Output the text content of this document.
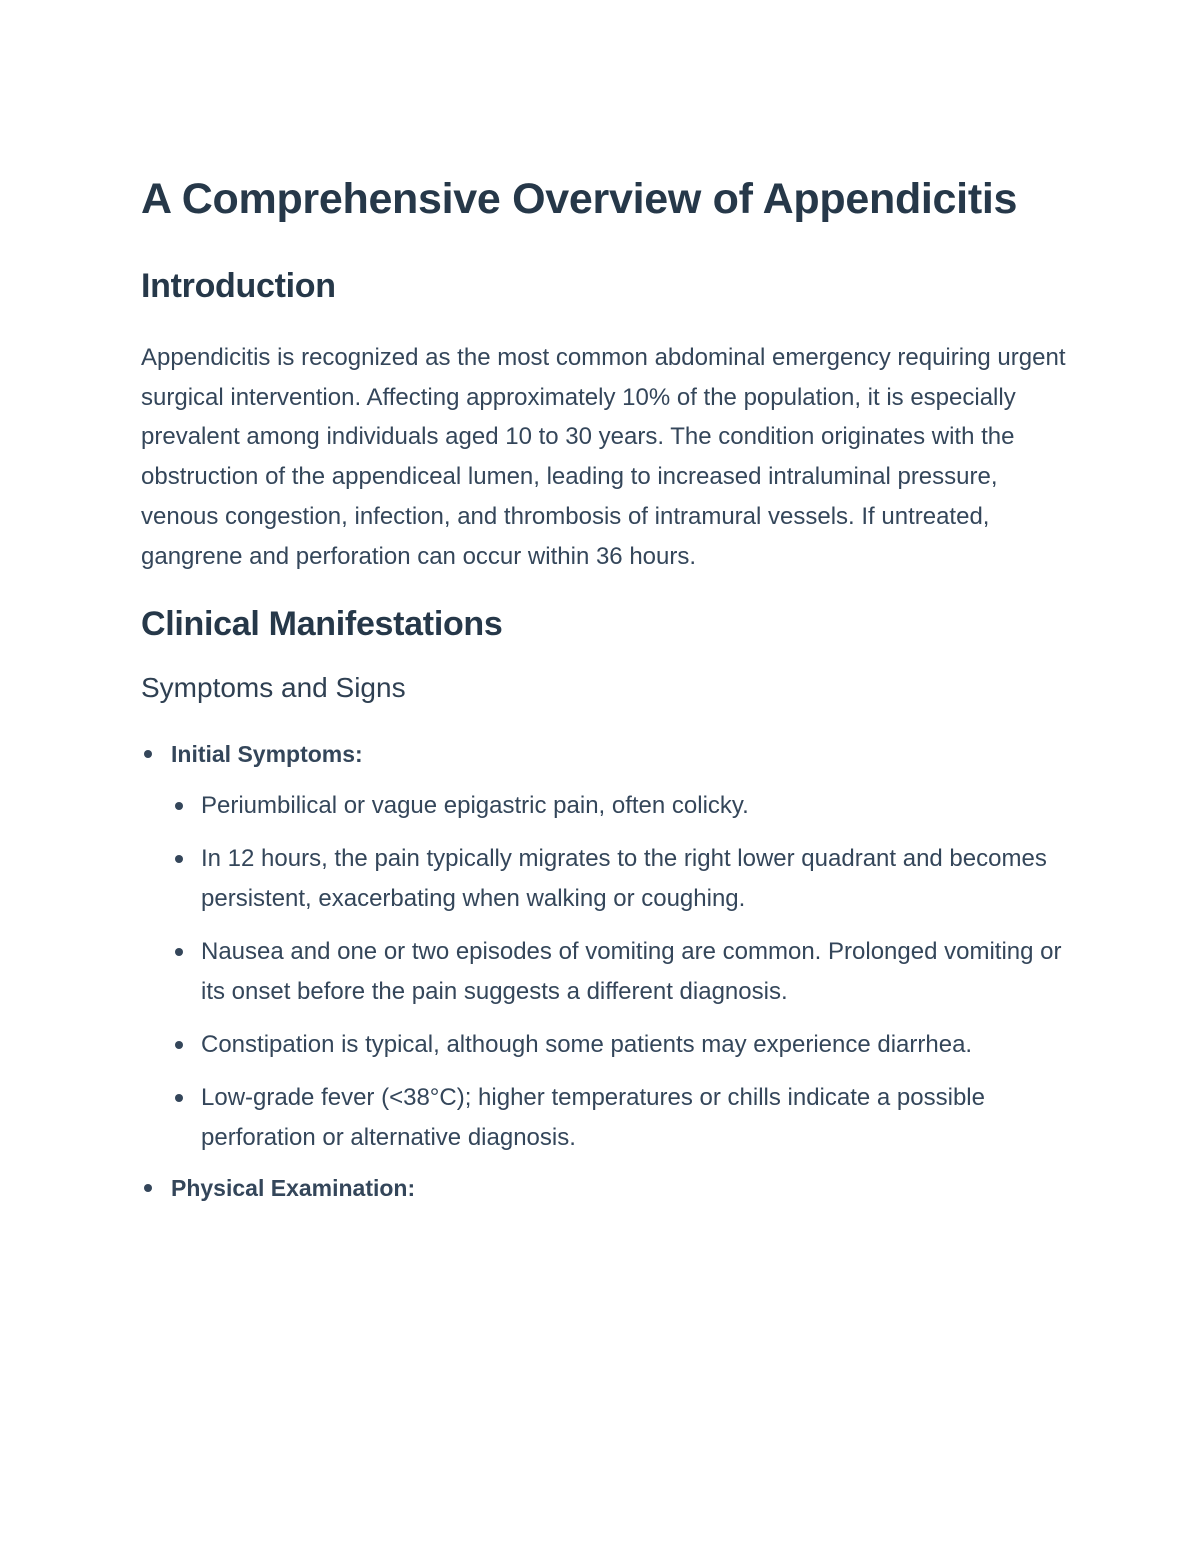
A Comprehensive Overview of Appendicitis
Introduction

Appendicitis is recognized as the most common abdominal emergency requiring urgent surgical intervention. Affecting approximately 10% of the population, it is especially prevalent among individuals aged 10 to 30 years. The condition originates with the obstruction of the appendiceal lumen, leading to increased intraluminal pressure, venous congestion, infection, and thrombosis of intramural vessels. If untreated, gangrene and perforation can occur within 36 hours.

Clinical Manifestations
Symptoms and Signs
Initial Symptoms:
Periumbilical or vague epigastric pain, often colicky.
In 12 hours, the pain typically migrates to the right lower quadrant and becomes persistent, exacerbating when walking or coughing.
Nausea and one or two episodes of vomiting are common. Prolonged vomiting or its onset before the pain suggests a different diagnosis.
Constipation is typical, although some patients may experience diarrhea.
Low-grade fever (<38°C); higher temperatures or chills indicate a possible perforation or alternative diagnosis.
Physical Examination:
